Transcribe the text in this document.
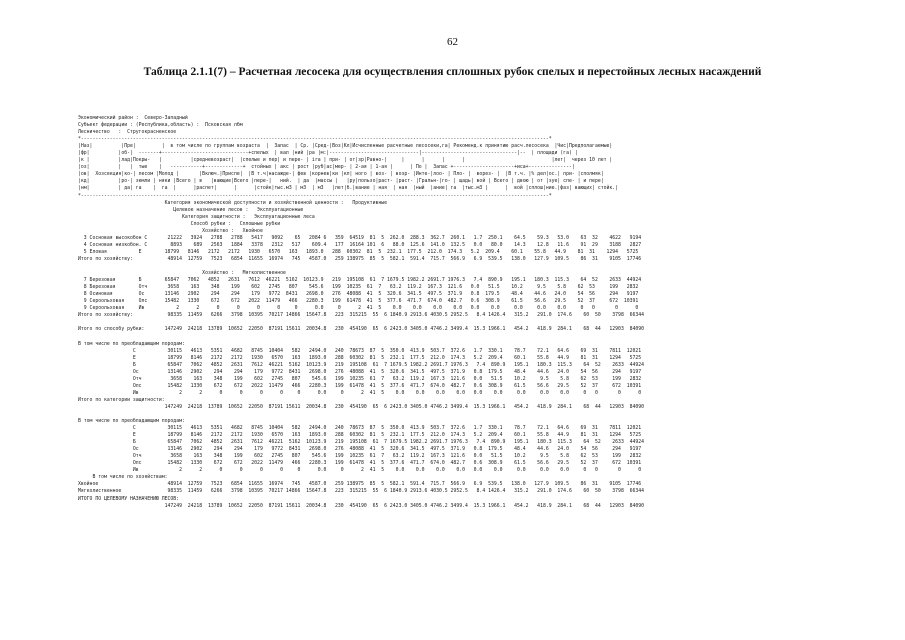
62
Таблица 2.1.1(7) – Расчетная лесосека для осуществления сплошных рубок спелых и перестойных лесных насаждений
Экономический район :  Северо-Западный
Субъект федерации : (Республика,область) :  Псковская лбм
Лесничество   :  Стругокрасненское
*------------------------------------------------------------------------------------------------------------------------------------------------------------------*
|Наз|          |Пре|         |  в том числе по группам возраста  |  Запас  | Ср. |Сред-|Воз|Кл|Исчисленные расчетные лесосеки,га| Рекоменд.к принятию расч.лесосека  |Чис|Предполагаемые|
|фр|          |об-|  -------+------------------------------+спелых  | вал |ний |ра |м:|-------------------------------|---------------------------------|--  | площади (га) |
|к |          |лад|Покры-   |          |средневозраст|  |спелые и пер| и пере- | ira | при- | от|зр|Равно-|     |      |      |      |                              |лет|  через 10 лет |
|оз|          |   |  тые    |   -----------+-------------+  стойных | акс | рост |руб|ас|мер- | 2-ая | 1-ая |      | По |  Запас +---------------------+иса+---------------|
|ов|  Хозсекция|ко-| лесом |Молод |       |Включ.|Приспе|  |В т.ч|насажде-| фев |корнев|ки |кл| ного | воз- | возр- |Инте-|лоо- | Пло- |  ворез- |  |В т.ч. |% дел|ос.| при- |сполмяк|
|кд|          |ро-| земли | няки |Всего | в   |вающие|Всего |пере-|   ний.  | да  |массы |   |ру|пользо|раст- |раст- |Гральн-|го- | щадь| вой | Всего | двою | от |зуе| спе- | и пере|
|нм|          | да| га    |  га  |      |распет|      |      |стойк|тыс.м3 | м3  | м3   |лет|б.|вание | ная  | ная  |ный  |ание| га  |тыс.м3 |      |  вой |сплош|ние.|фаз| вающих| стойк.|
*------------------------------------------------------------------------------------------------------------------------------------------------------------------*
Категория экономической доступности и хозяйственной ценности :   Продуктивные
Целевое назначение лесов :   Эксплуатационные
Категория защитности :   Эксплуатационные леса
Способ рубки :   Сплошные рубки
Хозяйство :   Хвойное
3 Сосновая высокобон С       21222   3924   2788   2788   5417   9092    65   2084 6   359  64519  81  5  262.0  288.3  362.7  260.1   1.7  250.1    64.5    59.3   53.0    63  32    4622   9194
4 Сосновая низкобон. С        8893    689   2563   1884   3378   2312   517    609.4   177  16164 101  6   88.0  125.6  141.0  132.5   0.0   80.0    14.3    12.8   11.6    91  29    3188   2827
5 Еловая           Е        18799   8146   2172   2172   1930   6570   163   1893.0   288  60302  81  5  232.1  177.5  212.0  174.3   5.2  209.4    60.1    55.8   44.9    81  31    1294   5725
Итого по хозяйству:            48914  12759   7523   6854  11655  16974   745   4587.0   259 138975  85  5  582.1  591.4  715.7  566.9   6.9  539.5   138.0   127.9  109.5    86  31    9105  17746

Хозяйство :   Мягколиственное
7 Березовая        Б        65847   7062   4852   2631   7612  46221  5162  10123.9   219  195108  61  7 1679.5 1982.2 2691.7 1976.3   7.4  890.9   195.1   180.3  115.3    64  52    2633  44924
8 Березовая        Отч       3658    163    348    199    602   2745   807    545.6   199  10235  61  7   63.2  119.2  167.3  121.6   0.0   51.5    10.2     9.5    5.8    62  53     199   2832
8 Осиновая         Ос       13146   2902    294    294    179   9772  8431   2698.0   276  48088  41  5  320.6  341.5  497.5  371.9   0.8  179.5    48.4    44.6   24.0    54  56     294   9197
9 Сероольховая     Олс      15482   1330    672    672   2022  11479   466   2280.3   199  61478  41  5  377.6  471.7  674.0  482.7   0.6  308.9    61.5    56.6   29.5    52  37     672  10391
9 Сероольховая     Ив           2      2      0      0      0      0     0      0.0     0      2  41  5    0.0    0.0    0.0    0.0   0.0    0.0     0.0     0.0    0.0     0   0       0      0
Итого по хозяйству:            98335  11459   6266   3798  10395  70217 14866  15647.8   223  315215  55  6 1840.9 2913.6 4030.5 2952.5   8.4 1426.4   315.2   291.0  174.6    60  50    3798  66344

Итого по способу рубки:       147249  24218  13789  10652  22050  87191 15611  20034.8   230  454190  65  6 2423.0 3405.0 4746.2 3499.4  15.3 1966.1   454.2   418.9  284.1    68  44   12903  84090

В том числе по преобладающим породам:
С           30115   4613   5351   4682   8745  10404   582   2494.0   240  78673  87  5  350.0  413.9  503.7  372.6   1.7  330.1    78.7    72.1   64.6    69  31    7811  12021
Е           18799   8146   2172   2172   1930   6570   163   1893.0   288  60302  81  5  232.1  177.5  212.0  174.3   5.2  209.4    60.1    55.8   44.9    81  31    1294   5725
Б           65847   7062   4852   2631   7612  46221  5162  10123.9   219  195108  61  7 1679.5 1982.2 2691.7 1976.3   7.4  890.9   195.1   180.3  115.3    64  52    2633  44924
Ос          13146   2902    294    294    179   9772  8431   2698.0   276  48088  41  5  320.6  341.5  497.5  371.9   0.8  179.5    48.4    44.6   24.0    54  56     294   9197
Отч          3658    163    348    199    602   2745   807    545.6   199  10235  61  7   63.2  119.2  167.3  121.6   0.0   51.5    10.2     9.5    5.8    62  53     199   2832
Олс         15482   1330    672    672   2022  11479   466   2280.3   199  61478  41  5  377.6  471.7  674.0  482.7   0.6  308.9    61.5    56.6   29.5    52  37     672  10391
Ив              2      2      0      0      0      0     0      0.0     0      2  41  5    0.0    0.0    0.0    0.0   0.0    0.0     0.0     0.0    0.0     0   0       0      0
Итого по категории защитности:
147249  24218  13789  10652  22050  87191 15611  20034.8   230  454190  65  6 2423.0 3405.0 4746.2 3499.4  15.3 1966.1   454.2   418.9  284.1    68  44   12903  84090

В том числе по преобладающим породам:
С           30115   4613   5351   4682   8745  10404   582   2494.0   240  78673  87  5  350.0  413.9  503.7  372.6   1.7  330.1    78.7    72.1   64.6    69  31    7811  12021
Е           18799   8146   2172   2172   1930   6570   163   1893.0   288  60302  81  5  232.1  177.5  212.0  174.3   5.2  209.4    60.1    55.8   44.9    81  31    1294   5725
Б           65847   7062   4852   2631   7612  46221  5162  10123.9   219  195108  61  7 1679.5 1982.2 2691.7 1976.3   7.4  890.9   195.1   180.3  115.3    64  52    2633  44924
Ос          13146   2902    294    294    179   9772  8431   2698.0   276  48088  41  5  320.6  341.5  497.5  371.9   0.8  179.5    48.4    44.6   24.0    54  56     294   9197
Отч          3658    163    348    199    602   2745   807    545.6   199  10235  61  7   63.2  119.2  167.3  121.6   0.0   51.5    10.2     9.5    5.8    62  53     199   2832
Олс         15482   1330    672    672   2022  11479   466   2280.3   199  61478  41  5  377.6  471.7  674.0  482.7   0.6  308.9    61.5    56.6   29.5    52  37     672  10391
Ив              2      2      0      0      0      0     0      0.0     0      2  41  5    0.0    0.0    0.0    0.0   0.0    0.0     0.0     0.0    0.0     0   0       0      0
В том числе по хозяйствам:
Хвойное                        48914  12759   7523   6854  11655  16974   745   4587.0   259 138975  85  5  582.1  591.4  715.7  566.9   6.9  539.5   138.0   127.9  109.5    86  31    9105  17746
Мягколиственное                98335  11459   6266   3798  10395  70217 14866  15647.8   223  315215  55  6 1840.9 2913.6 4030.5 2952.5   8.4 1426.4   315.2   291.0  174.6    60  50    3798  66344
ИТОГО ПО ЦЕЛЕВОМУ НАЗНАЧЕНИЮ ЛЕСОВ:
147249  24218  13789  10652  22050  87191 15611  20034.8   230  454190  65  6 2423.0 3405.0 4746.2 3499.4  15.3 1966.1   454.2   418.9  284.1    68  44   12903  84090
